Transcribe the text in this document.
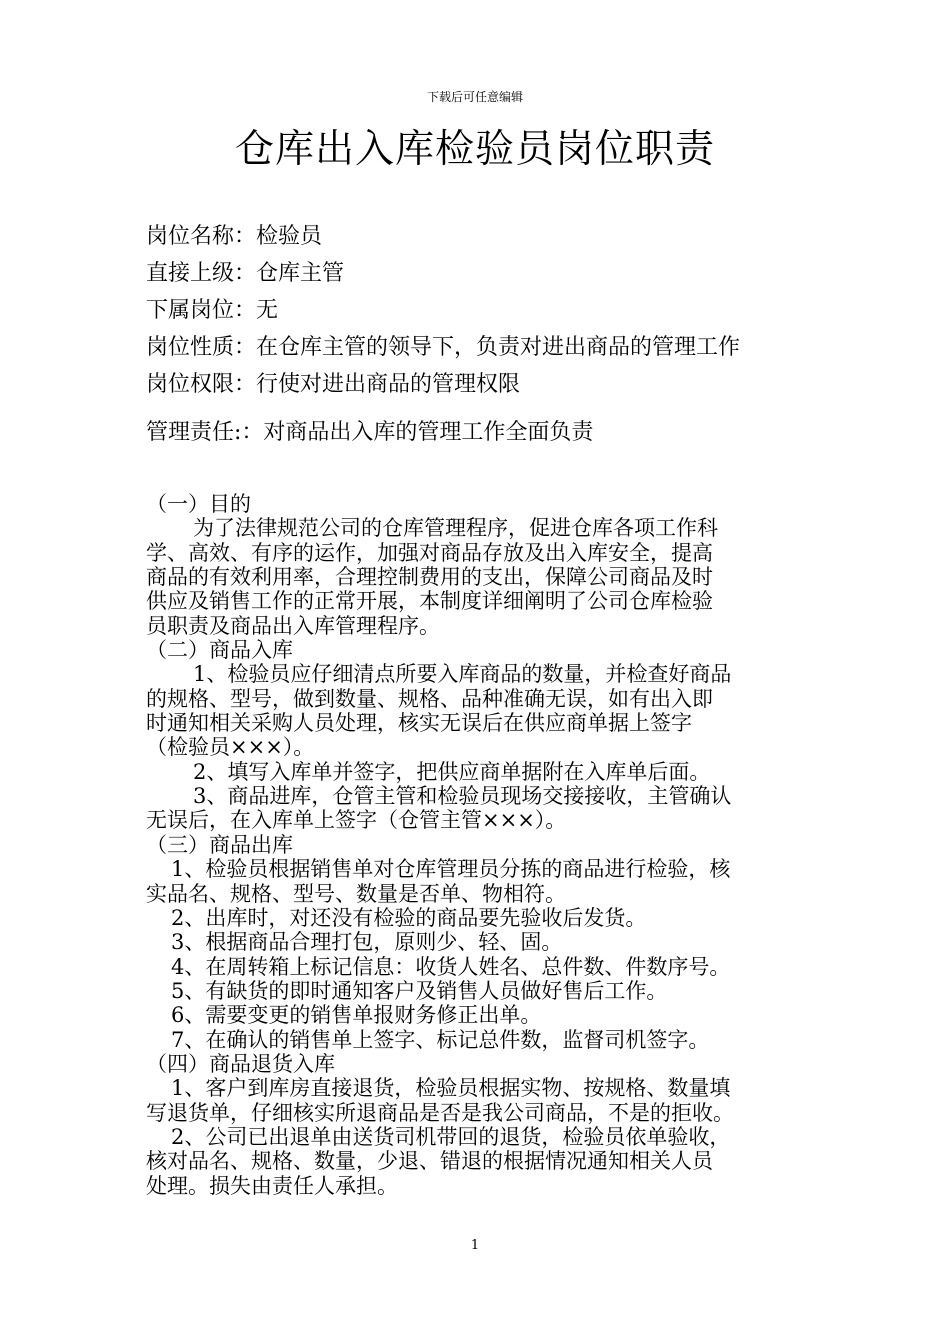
下载后可任意编辑
仓库出入库检验员岗位职责
岗位名称：检验员
直接上级：仓库主管
下属岗位：无
岗位性质：在仓库主管的领导下，负责对进出商品的管理工作
岗位权限：行使对进出商品的管理权限
管理责任:：对商品出入库的管理工作全面负责

（一）目的

为了法律规范公司的仓库管理程序，促进仓库各项工作科

学、高效、有序的运作，加强对商品存放及出入库安全，提高

商品的有效利用率，合理控制费用的支出，保障公司商品及时

供应及销售工作的正常开展，本制度详细阐明了公司仓库检验

员职责及商品出入库管理程序。

（二）商品入库

1、检验员应仔细清点所要入库商品的数量，并检查好商品

的规格、型号，做到数量、规格、品种准确无误，如有出入即

时通知相关采购人员处理，核实无误后在供应商单据上签字

（检验员×××）。

2、填写入库单并签字，把供应商单据附在入库单后面。

3、商品进库，仓管主管和检验员现场交接接收，主管确认

无误后，在入库单上签字（仓管主管×××）。

（三）商品出库

1、检验员根据销售单对仓库管理员分拣的商品进行检验，核

实品名、规格、型号、数量是否单、物相符。

2、出库时，对还没有检验的商品要先验收后发货。

3、根据商品合理打包，原则少、轻、固。

4、在周转箱上标记信息：收货人姓名、总件数、件数序号。

5、有缺货的即时通知客户及销售人员做好售后工作。

6、需要变更的销售单报财务修正出单。

7、在确认的销售单上签字、标记总件数，监督司机签字。

（四）商品退货入库

1、客户到库房直接退货，检验员根据实物、按规格、数量填

写退货单，仔细核实所退商品是否是我公司商品，不是的拒收。

2、公司已出退单由送货司机带回的退货，检验员依单验收，

核对品名、规格、数量，少退、错退的根据情况通知相关人员

处理。损失由责任人承担。

1
